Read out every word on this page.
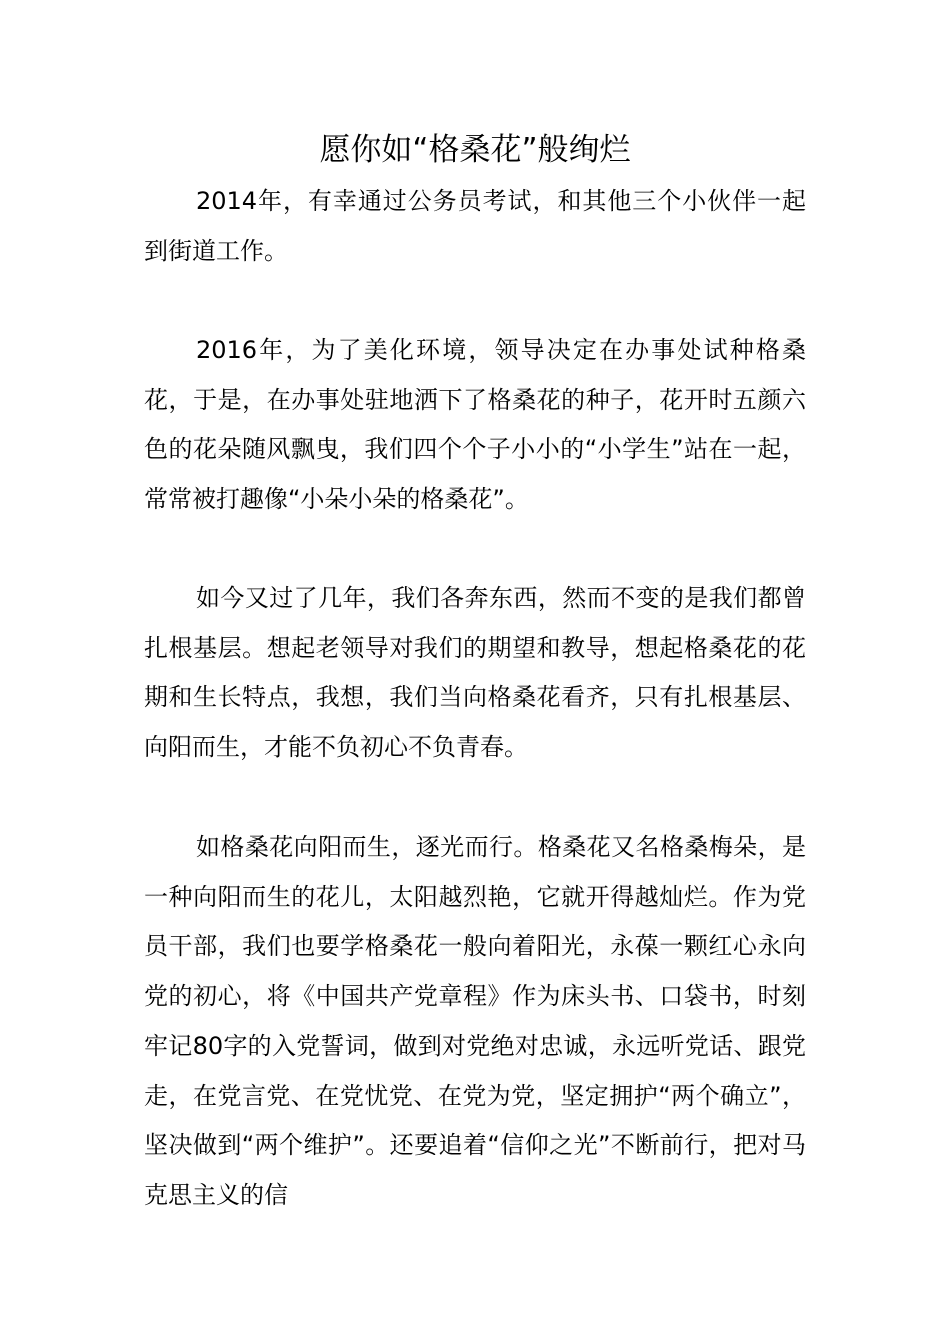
愿你如“格桑花”般绚烂

2014年，有幸通过公务员考试，和其他三个小伙伴一起到街道工作。

2016年，为了美化环境，领导决定在办事处试种格桑花，于是，在办事处驻地洒下了格桑花的种子，花开时五颜六色的花朵随风飘曳，我们四个个子小小的“小学生”站在一起，常常被打趣像“小朵小朵的格桑花”。

如今又过了几年，我们各奔东西，然而不变的是我们都曾扎根基层。想起老领导对我们的期望和教导，想起格桑花的花期和生长特点，我想，我们当向格桑花看齐，只有扎根基层、向阳而生，才能不负初心不负青春。

如格桑花向阳而生，逐光而行。格桑花又名格桑梅朵，是一种向阳而生的花儿，太阳越烈艳，它就开得越灿烂。作为党员干部，我们也要学格桑花一般向着阳光，永葆一颗红心永向党的初心，将《中国共产党章程》作为床头书、口袋书，时刻牢记80字的入党誓词，做到对党绝对忠诚，永远听党话、跟党走，在党言党、在党忧党、在党为党，坚定拥护“两个确立”，坚决做到“两个维护”。还要追着“信仰之光”不断前行，把对马克思主义的信
